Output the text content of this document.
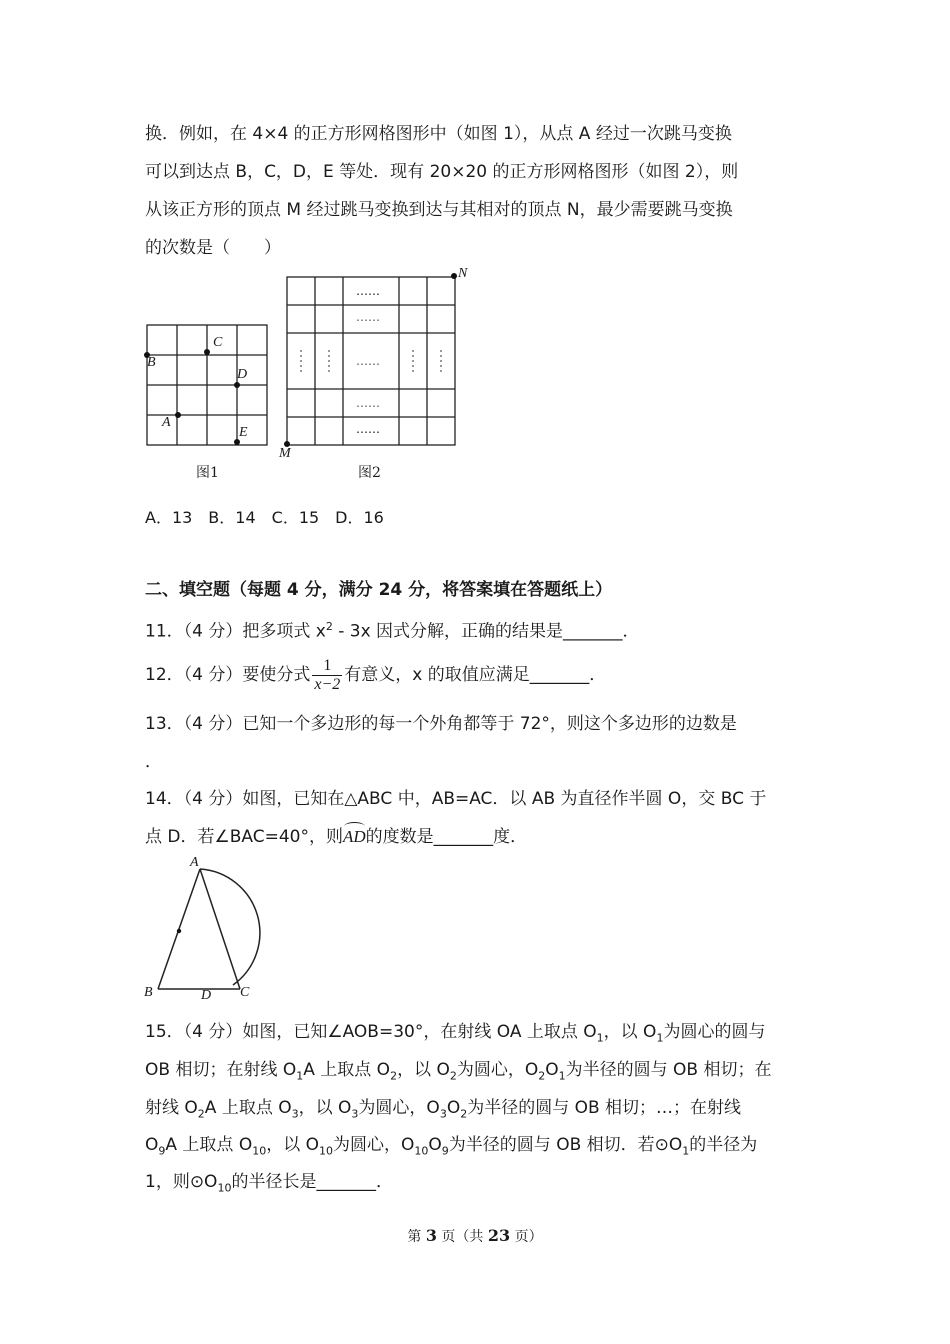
换．例如，在 4×4 的正方形网格图形中（如图 1），从点 A 经过一次跳马变换
可以到达点 B，C，D，E 等处．现有 20×20 的正方形网格图形（如图 2），则
从该正方形的顶点 M 经过跳马变换到达与其相对的顶点 N，最少需要跳马变换
的次数是（　　）
A
B
C
D
E
图1
……
……
……
……
……
N
M
图2
A．13　B．14　C．15　D．16
二、填空题（每题 4 分，满分 24 分，将答案填在答题纸上）
11．（4 分）把多项式 $x^2 - 3x$ 因式分解，正确的结果是_______．
12．（4 分）要使分式 $\frac{1}{x-2}$ 有意义，x 的取值应满足_______．
13．（4 分）已知一个多边形的每一个外角都等于 72°，则这个多边形的边数是
．
14．（4 分）如图，已知在△ABC 中，AB=AC．以 AB 为直径作半圆 O，交 BC 于
点 D．若∠BAC=40°，则AD的度数是_______度．
A
B	D C
15．（4 分）如图，已知∠AOB=30°，在射线 OA 上取点 $O_1$，以 $O_1$为圆心的圆与
OB 相切；在射线 $O_1A$ 上取点 $O_2$，以 $O_2$为圆心，$O_2O_1$为半径的圆与 OB 相切；在
射线 $O_2A$ 上取点 $O_3$，以 $O_3$为圆心，$O_3O_2$为半径的圆与 OB 相切；…；在射线
$O_9A$ 上取点 $O_{10}$，以 $O_{10}$为圆心，$O_{10}O_9$为半径的圆与 OB 相切．若$⊙O_1$的半径为
1，则$⊙O_{10}$的半径长是_______．
第 3 页（共 23 页）
